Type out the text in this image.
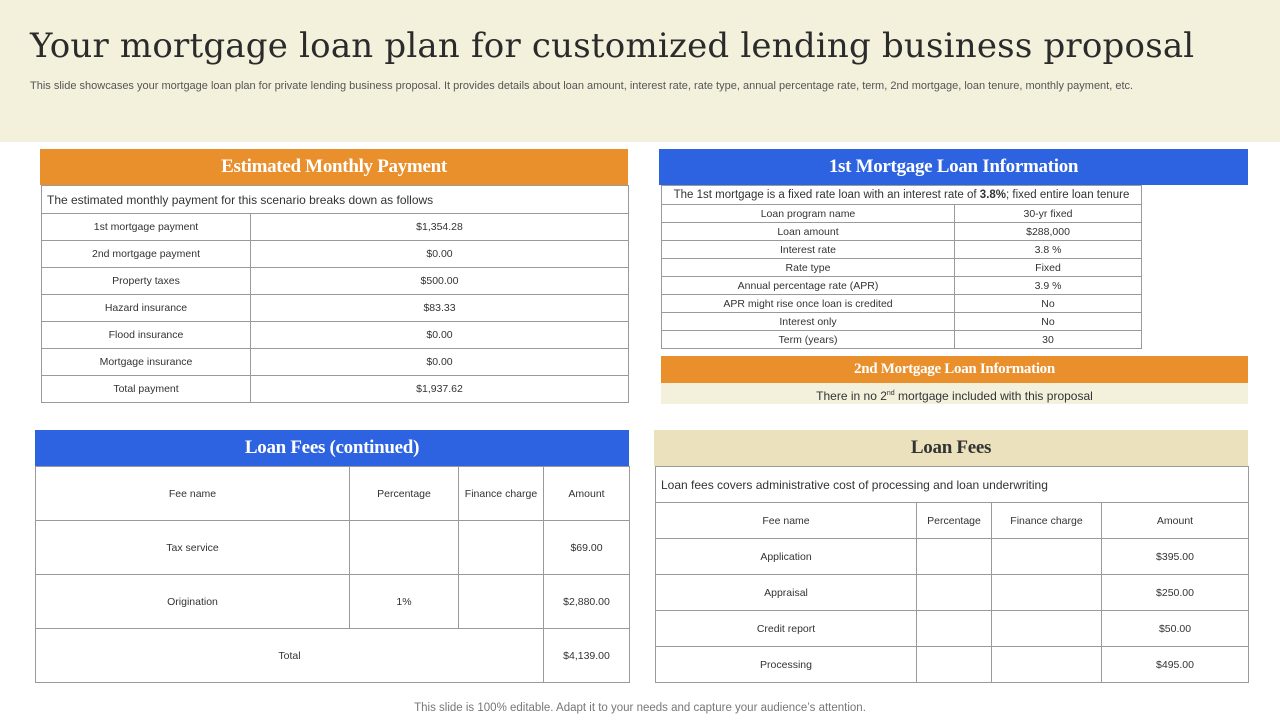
Your mortgage loan plan for customized lending business proposal
This slide showcases your mortgage loan plan for private lending business proposal. It provides details about loan amount, interest rate, rate type, annual percentage rate, term, 2nd mortgage, loan tenure, monthly payment, etc.
Estimated Monthly Payment
The estimated monthly payment for this scenario breaks down as follows	
1st mortgage payment	$1,354.28
2nd mortgage payment	$0.00
Property taxes	$500.00
Hazard insurance	$83.33
Flood insurance	$0.00
Mortgage insurance	$0.00
Total payment	$1,937.62
1st Mortgage Loan Information
The 1st mortgage is a fixed rate loan with an interest rate of 3.8%; fixed entire loan tenure	
Loan program name	30-yr fixed
Loan amount	$288,000
Interest rate	3.8 %
Rate type	Fixed
Annual percentage rate (APR)	3.9 %
APR might rise once loan is credited	No
Interest only	No
Term (years)	30
2nd Mortgage Loan Information
There in no 2nd mortgage included with this proposal
Loan Fees (continued)
Fee name	Percentage	Finance charge	Amount
Tax service			$69.00
Origination	1%		$2,880.00
Total			$4,139.00
Loan Fees
Loan fees covers administrative cost of processing and loan underwriting			
Fee name	Percentage	Finance charge	Amount
Application			$395.00
Appraisal			$250.00
Credit report			$50.00
Processing			$495.00
This slide is 100% editable. Adapt it to your needs and capture your audience’s attention.
